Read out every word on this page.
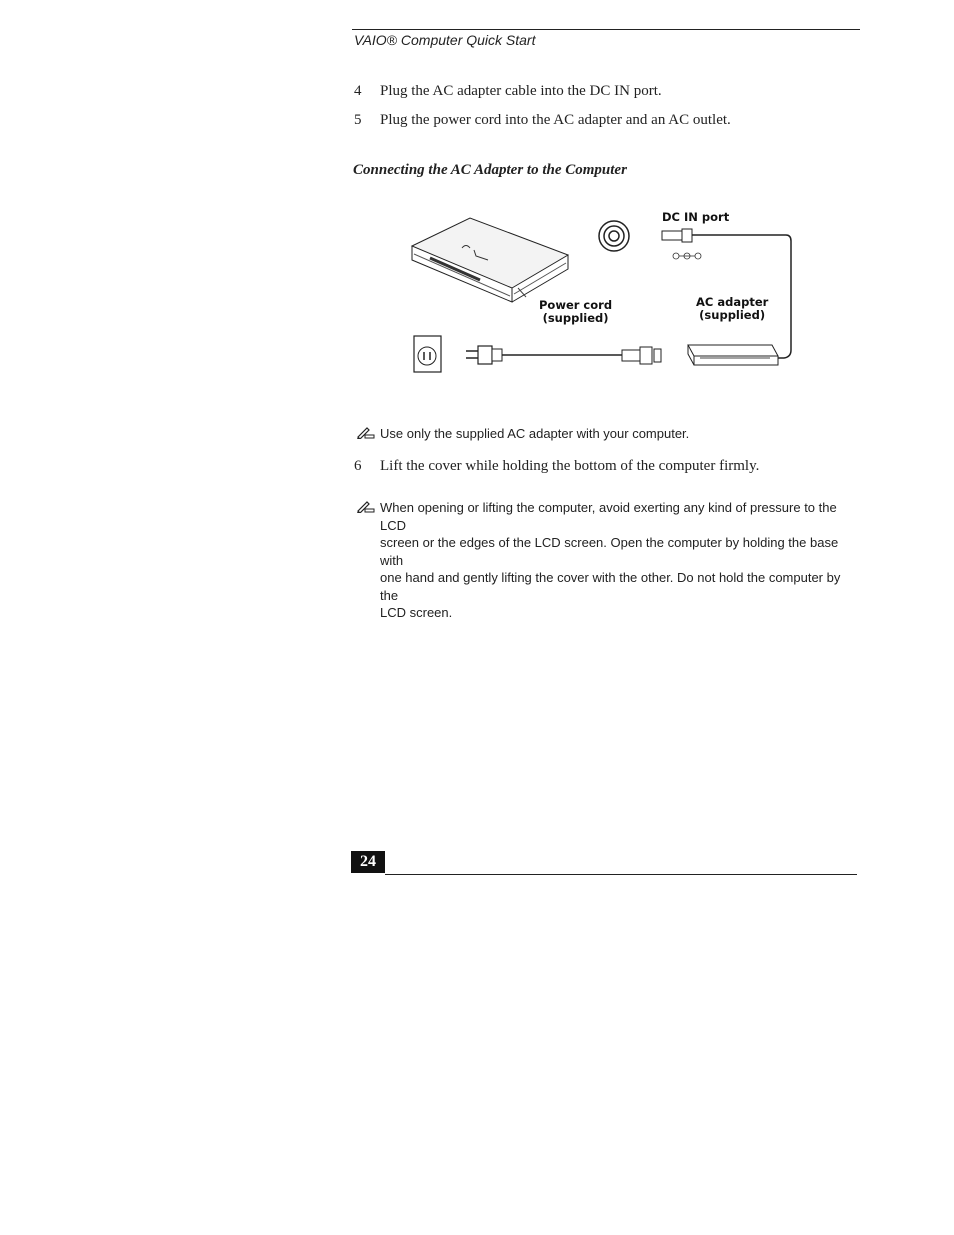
VAIO® Computer Quick Start
4 Plug the AC adapter cable into the DC IN port.
5 Plug the power cord into the AC adapter and an AC outlet.
Connecting the AC Adapter to the Computer
DC IN port
Power cord
(supplied)
AC adapter
(supplied)
Use only the supplied AC adapter with your computer.
6 Lift the cover while holding the bottom of the computer firmly.
When opening or lifting the computer, avoid exerting any kind of pressure to the LCD
screen or the edges of the LCD screen. Open the computer by holding the base with
one hand and gently lifting the cover with the other. Do not hold the computer by the
LCD screen.
24
